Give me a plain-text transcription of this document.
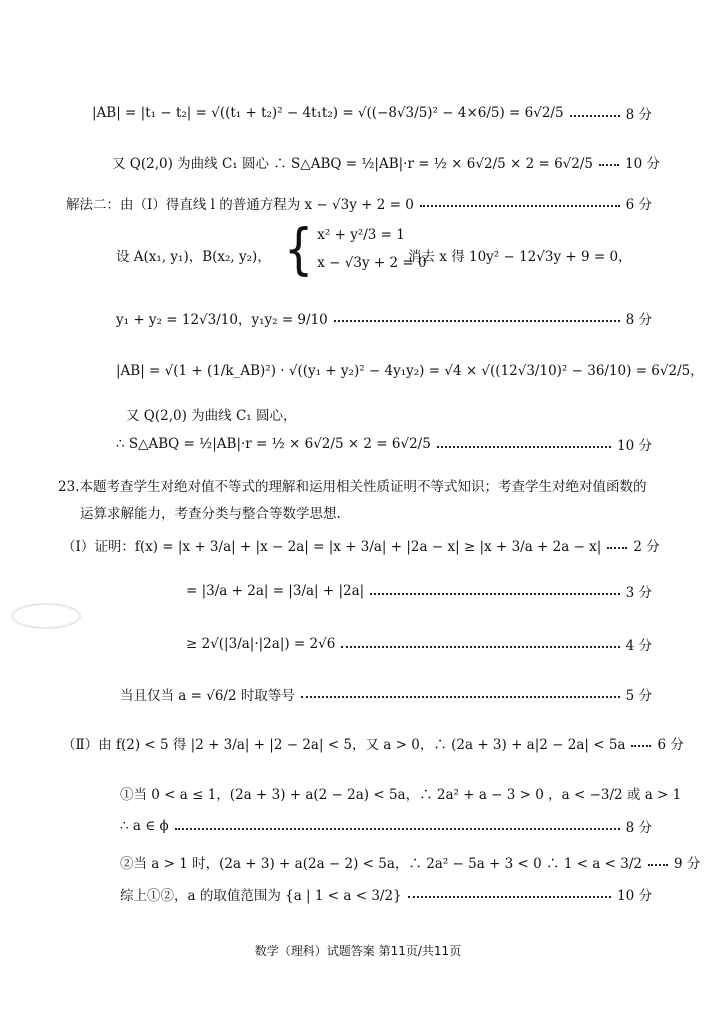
|AB| = |t₁ − t₂| = √((t₁ + t₂)² − 4t₁t₂) = √((−8√3/5)² − 4×6/5) = 6√2/5	8 分
又 Q(2,0) 为曲线 C₁ 圆心 ∴ S△ABQ = ½|AB|·r = ½ × 6√2/5 × 2 = 6√2/5 10 分
解法二：由（Ⅰ）得直线 l 的普通方程为 x − √3y + 2 = 0	6 分
设 A(x₁, y₁)，B(x₂, y₂)， { x² + y²/3 = 1
x − √3y + 2 = 0
消去 x 得 10y² − 12√3y + 9 = 0，
y₁ + y₂ = 12√3/10，y₁y₂ = 9/10	8 分
|AB| = √(1 + (1/k_AB)²) · √((y₁ + y₂)² − 4y₁y₂) = √4 × √((12√3/10)² − 36/10) = 6√2/5，
又 Q(2,0) 为曲线 C₁ 圆心，
∴ S△ABQ = ½|AB|·r = ½ × 6√2/5 × 2 = 6√2/5	10 分
23.本题考查学生对绝对值不等式的理解和运用相关性质证明不等式知识；考查学生对绝对值函数的
运算求解能力，考查分类与整合等数学思想.
（Ⅰ）证明：f(x) = |x + 3/a| + |x − 2a| = |x + 3/a| + |2a − x| ≥ |x + 3/a + 2a − x| 2 分
= |3/a + 2a| = |3/a| + |2a|	3 分
≥ 2√(|3/a|·|2a|) = 2√6	4 分
当且仅当 a = √6/2 时取等号	5 分
（Ⅱ）由 f(2) < 5 得 |2 + 3/a| + |2 − 2a| < 5，又 a > 0，∴ (2a + 3) + a|2 − 2a| < 5a 6 分
①当 0 < a ≤ 1，(2a + 3) + a(2 − 2a) < 5a，∴ 2a² + a − 3 > 0 ，a < −3/2 或 a > 1
∴ a ∈ ϕ	8 分
②当 a > 1 时，(2a + 3) + a(2a − 2) < 5a，∴ 2a² − 5a + 3 < 0 ∴ 1 < a < 3/2 9 分
综上①②，a 的取值范围为 {a | 1 < a < 3/2}	10 分
数学（理科）试题答案 第11页/共11页
